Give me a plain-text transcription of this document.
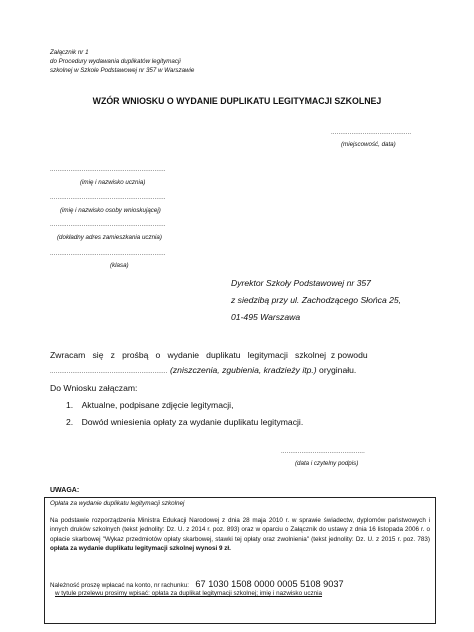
Załącznik nr 1
do Procedury wydawania duplikatów legitymacji
szkolnej w Szkole Podstawowej nr 357 w Warszawie
WZÓR WNIOSKU O WYDANIE DUPLIKATU LEGITYMACJI SZKOLNEJ
...........................................
(miejscowość, data)
..............................................................
(imię i nazwisko ucznia)
..............................................................
(imię i nazwisko osoby wnioskującej)
..............................................................
(dokładny adres zamieszkania ucznia)
..............................................................
(klasa)
Dyrektor Szkoły Podstawowej nr 357
z siedzibą przy ul. Zachodzącego Słońca 25,
01-495 Warszawa
Zwracam   się   z   prośbą   o   wydanie   duplikatu   legitymacji   szkolnej  z powodu
............................................................... (zniszczenia, zgubienia, kradzieży itp.) oryginału.
Do Wniosku załączam:
1. Aktualne, podpisane zdjęcie legitymacji,
2. Dowód wniesienia opłaty za wydanie duplikatu legitymacji.
.............................................
(data i czytelny podpis)
UWAGA:
Opłata za wydanie duplikatu legitymacji szkolnej
Na podstawie rozporządzenia Ministra Edukacji Narodowej z dnia 28 maja 2010 r. w sprawie świadectw, dyplomów państwowych i innych druków szkolnych (tekst jednolity: Dz. U. z 2014 r. poz. 893) oraz w oparciu o Załącznik do ustawy z dnia 16 listopada 2006 r. o opłacie skarbowej "Wykaz przedmiotów opłaty skarbowej, stawki tej opłaty oraz zwolnienia" (tekst jednolity: Dz. U. z 2015 r. poz. 783) opłata za wydanie duplikatu legitymacji szkolnej wynosi 9 zł.
Należność proszę wpłacać na konto, nr rachunku: 67 1030 1508 0000 0005 5108 9037
w tytule przelewu prosimy wpisać: opłata za duplikat legitymacji szkolnej; imię i nazwisko ucznia
